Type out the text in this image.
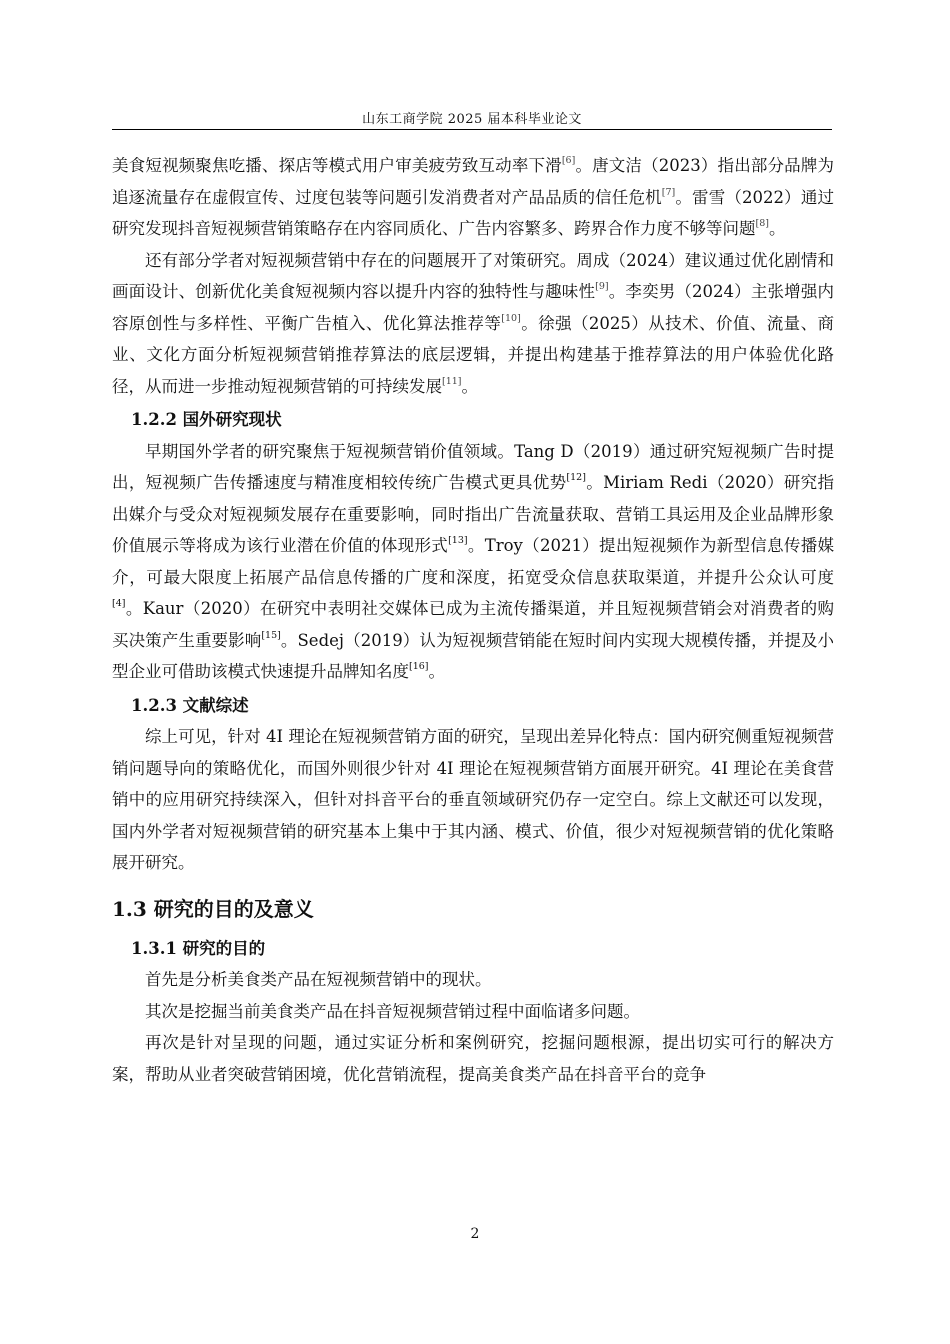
山东工商学院 2025 届本科毕业论文

美食短视频聚焦吃播、探店等模式用户审美疲劳致互动率下滑[6]。唐文洁（2023）指出部分品牌为追逐流量存在虚假宣传、过度包装等问题引发消费者对产品品质的信任危机[7]。雷雪（2022）通过研究发现抖音短视频营销策略存在内容同质化、广告内容繁多、跨界合作力度不够等问题[8]。

还有部分学者对短视频营销中存在的问题展开了对策研究。周成（2024）建议通过优化剧情和画面设计、创新优化美食短视频内容以提升内容的独特性与趣味性[9]。李奕男（2024）主张增强内容原创性与多样性、平衡广告植入、优化算法推荐等[10]。徐强（2025）从技术、价值、流量、商业、文化方面分析短视频营销推荐算法的底层逻辑，并提出构建基于推荐算法的用户体验优化路径，从而进一步推动短视频营销的可持续发展[11]。

1.2.2 国外研究现状

早期国外学者的研究聚焦于短视频营销价值领域。Tang D（2019）通过研究短视频广告时提出，短视频广告传播速度与精准度相较传统广告模式更具优势[12]。Miriam Redi（2020）研究指出媒介与受众对短视频发展存在重要影响，同时指出广告流量获取、营销工具运用及企业品牌形象价值展示等将成为该行业潜在价值的体现形式[13]。Troy（2021）提出短视频作为新型信息传播媒介，可最大限度上拓展产品信息传播的广度和深度，拓宽受众信息获取渠道，并提升公众认可度 [4]。Kaur（2020）在研究中表明社交媒体已成为主流传播渠道，并且短视频营销会对消费者的购买决策产生重要影响[15]。Sedej（2019）认为短视频营销能在短时间内实现大规模传播，并提及小型企业可借助该模式快速提升品牌知名度[16]。

1.2.3 文献综述

综上可见，针对 4I 理论在短视频营销方面的研究，呈现出差异化特点：国内研究侧重短视频营销问题导向的策略优化，而国外则很少针对 4I 理论在短视频营销方面展开研究。4I 理论在美食营销中的应用研究持续深入，但针对抖音平台的垂直领域研究仍存一定空白。综上文献还可以发现，国内外学者对短视频营销的研究基本上集中于其内涵、模式、价值，很少对短视频营销的优化策略展开研究。

1.3 研究的目的及意义
1.3.1 研究的目的

首先是分析美食类产品在短视频营销中的现状。

其次是挖掘当前美食类产品在抖音短视频营销过程中面临诸多问题。

再次是针对呈现的问题，通过实证分析和案例研究，挖掘问题根源，提出切实可行的解决方案，帮助从业者突破营销困境，优化营销流程，提高美食类产品在抖音平台的竞争

2
